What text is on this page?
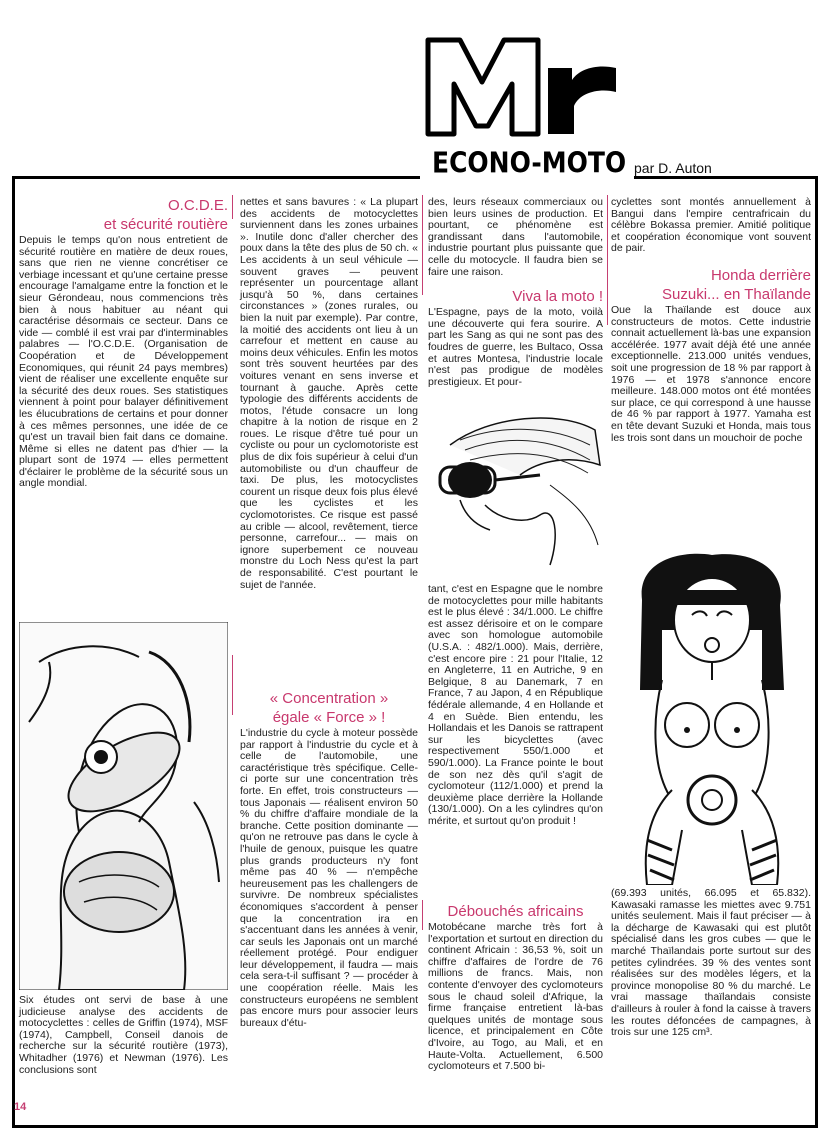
ECONO-MOTO par D. Auton
O.C.D.E.
et sécurité routière

Depuis le temps qu'on nous entretient de sécurité routière en matière de deux roues, sans que rien ne vienne concrétiser ce verbiage incessant et qu'une certaine presse encourage l'amalgame entre la fonction et le sieur Gérondeau, nous commencions très bien à nous habituer au néant qui caractérise désormais ce secteur. Dans ce vide — comblé il est vrai par d'interminables palabres — l'O.C.D.E. (Organisation de Coopération et de Développement Economiques, qui réunit 24 pays membres) vient de réaliser une excellente enquête sur la sécurité des deux roues. Ses statistiques viennent à point pour balayer définitivement les élucubrations de certains et pour donner à ces mêmes personnes, une idée de ce qu'est un travail bien fait dans ce domaine. Même si elles ne datent pas d'hier — la plupart sont de 1974 — elles permettent d'éclairer le problème de la sécurité sous un angle mondial.

Six études ont servi de base à une judicieuse analyse des accidents de motocyclettes : celles de Griffin (1974), MSF (1974), Campbell, Conseil danois de recherche sur la sécurité routière (1973), Whitadher (1976) et Newman (1976). Les conclusions sont

nettes et sans bavures : « La plupart des accidents de motocyclettes surviennent dans les zones urbaines ». Inutile donc d'aller chercher des poux dans la tête des plus de 50 ch. « Les accidents à un seul véhicule — souvent graves — peuvent représenter un pourcentage allant jusqu'à 50 %, dans certaines circonstances » (zones rurales, ou bien la nuit par exemple). Par contre, la moitié des accidents ont lieu à un carrefour et mettent en cause au moins deux véhicules. Enfin les motos sont très souvent heurtées par des voitures venant en sens inverse et tournant à gauche. Après cette typologie des différents accidents de motos, l'étude consacre un long chapitre à la notion de risque en 2 roues. Le risque d'être tué pour un cycliste ou pour un cyclomotoriste est plus de dix fois supérieur à celui d'un automobiliste ou d'un chauffeur de taxi. De plus, les motocyclistes courent un risque deux fois plus élevé que les cyclistes et les cyclomotoristes. Ce risque est passé au crible — alcool, revêtement, tierce personne, carrefour... — mais on ignore superbement ce nouveau monstre du Loch Ness qu'est la part de responsabilité. C'est pourtant le sujet de l'année.

« Concentration »
égale « Force » !

L'industrie du cycle à moteur possède par rapport à l'industrie du cycle et à celle de l'automobile, une caractéristique très spécifique. Celle-ci porte sur une concentration très forte. En effet, trois constructeurs — tous Japonais — réalisent environ 50 % du chiffre d'affaire mondiale de la branche. Cette position dominante — qu'on ne retrouve pas dans le cycle à l'huile de genoux, puisque les quatre plus grands producteurs n'y font même pas 40 % — n'empêche heureusement pas les challengers de survivre. De nombreux spécialistes économiques s'accordent à penser que la concentration ira en s'accentuant dans les années à venir, car seuls les Japonais ont un marché réellement protégé. Pour endiguer leur développement, il faudra — mais cela sera-t-il suffisant ? — procéder à une coopération réelle. Mais les constructeurs européens ne semblent pas encore murs pour associer leurs bureaux d'étu-

des, leurs réseaux commerciaux ou bien leurs usines de production. Et pourtant, ce phénomène est grandissant dans l'automobile, industrie pourtant plus puissante que celle du motocycle. Il faudra bien se faire une raison.

Viva la moto !

L'Espagne, pays de la moto, voilà une découverte qui fera sourire. A part les Sang as qui ne sont pas des foudres de guerre, les Bultaco, Ossa et autres Montesa, l'industrie locale n'est pas prodigue de modèles prestigieux. Et pour-

tant, c'est en Espagne que le nombre de motocyclettes pour mille habitants est le plus élevé : 34/1.000. Le chiffre est assez dérisoire et on le compare avec son homologue automobile (U.S.A. : 482/1.000). Mais, derrière, c'est encore pire : 21 pour l'Italie, 12 en Angleterre, 11 en Autriche, 9 en Belgique, 8 au Danemark, 7 en France, 7 au Japon, 4 en République fédérale allemande, 4 en Hollande et 4 en Suède. Bien entendu, les Hollandais et les Danois se rattrapent sur les bicyclettes (avec respectivement 550/1.000 et 590/1.000). La France pointe le bout de son nez dès qu'il s'agit de cyclomoteur (112/1.000) et prend la deuxième place derrière la Hollande (130/1.000). On a les cylindres qu'on mérite, et surtout qu'on produit !

Débouchés africains

Motobécane marche très fort à l'exportation et surtout en direction du continent Africain : 36,53 %, soit un chiffre d'affaires de l'ordre de 76 millions de francs. Mais, non contente d'envoyer des cyclomoteurs sous le chaud soleil d'Afrique, la firme française entretient là-bas quelques unités de montage sous licence, et principalement en Côte d'Ivoire, au Togo, au Mali, et en Haute-Volta. Actuellement, 6.500 cyclomoteurs et 7.500 bi-

cyclettes sont montés annuellement à Bangui dans l'empire centrafricain du célèbre Bokassa premier. Amitié politique et coopération économique vont souvent de pair.

Honda derrière
Suzuki... en Thaïlande

Oue la Thaïlande est douce aux constructeurs de motos. Cette industrie connait actuellement là-bas une expansion accélérée. 1977 avait déjà été une année exceptionnelle. 213.000 unités vendues, soit une progression de 18 % par rapport à 1976 — et 1978 s'annonce encore meilleure. 148.000 motos ont été montées sur place, ce qui correspond à une hausse de 46 % par rapport à 1977. Yamaha est en tête devant Suzuki et Honda, mais tous les trois sont dans un mouchoir de poche

(69.393 unités, 66.095 et 65.832). Kawasaki ramasse les miettes avec 9.751 unités seulement. Mais il faut préciser — à la décharge de Kawasaki qui est plutôt spécialisé dans les gros cubes — que le marché Thaïlandais porte surtout sur des petites cylindrées. 39 % des ventes sont réalisées sur des modèles légers, et la province monopolise 80 % du marché. Le vrai massage thaïlandais consiste d'ailleurs à rouler à fond la caisse à travers les routes défoncées de campagnes, à trois sur une 125 cm³.

14
